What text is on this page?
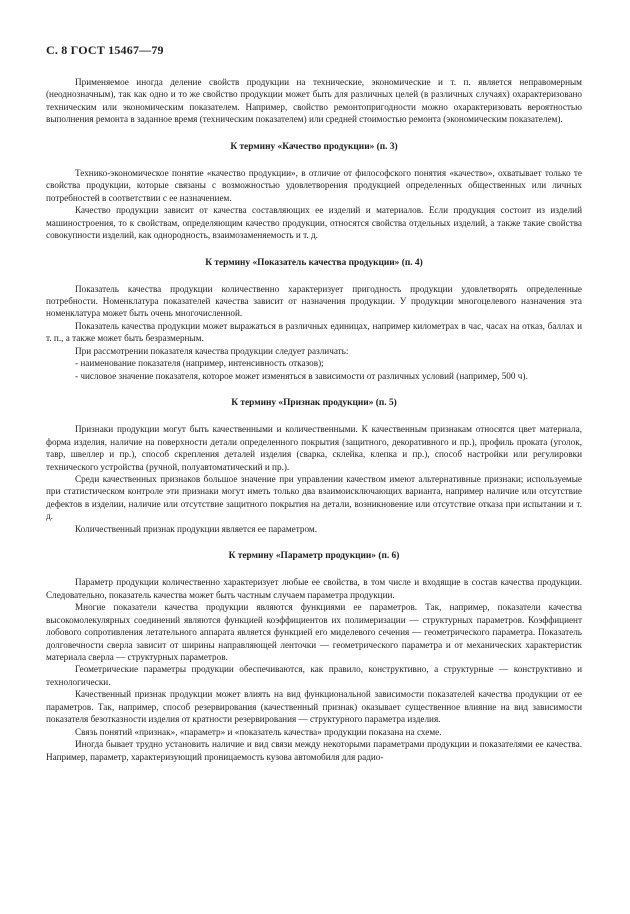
С. 8 ГОСТ 15467—79

Применяемое иногда деление свойств продукции на технические, экономические и т. п. является неправомерным (неоднозначным), так как одно и то же свойство продукции может быть для различных целей (в различных случаях) охарактеризовано техническим или экономическим показателем. Например, свойство ремонтопригодности можно охарактеризовать вероятностью выполнения ремонта в заданное время (техническим показателем) или средней стоимостью ремонта (экономическим показателем).

К термину «Качество продукции» (п. 3)

Технико-экономическое понятие «качество продукции», в отличие от философского понятия «качество», охватывает только те свойства продукции, которые связаны с возможностью удовлетворения продукцией определенных общественных или личных потребностей в соответствии с ее назначением.

Качество продукции зависит от качества составляющих ее изделий и материалов. Если продукция состоит из изделий машиностроения, то к свойствам, определяющим качество продукции, относятся свойства отдельных изделий, а также такие свойства совокупности изделий, как однородность, взаимозаменяемость и т. д.

К термину «Показатель качества продукции» (п. 4)

Показатель качества продукции количественно характеризует пригодность продукции удовлетворять определенные потребности. Номенклатура показателей качества зависит от назначения продукции. У продукции многоцелевого назначения эта номенклатура может быть очень многочисленной.

Показатель качества продукции может выражаться в различных единицах, например километрах в час, часах на отказ, баллах и т. п., а также может быть безразмерным.

При рассмотрении показателя качества продукции следует различать:

- наименование показателя (например, интенсивность отказов);

- числовое значение показателя, которое может изменяться в зависимости от различных условий (например, 500 ч).

К термину «Признак продукции» (п. 5)

Признаки продукции могут быть качественными и количественными. К качественным признакам относятся цвет материала, форма изделия, наличие на поверхности детали определенного покрытия (защитного, декоративного и пр.), профиль проката (уголок, тавр, швеллер и пр.), способ скрепления деталей изделия (сварка, склейка, клепка и пр.), способ настройки или регулировки технического устройства (ручной, полуавтоматический и пр.).

Среди качественных признаков большое значение при управлении качеством имеют альтернативные признаки; используемые при статистическом контроле эти признаки могут иметь только два взаимоисключающих варианта, например наличие или отсутствие дефектов в изделии, наличие или отсутствие защитного покрытия на детали, возникновение или отсутствие отказа при испытании и т. д.

Количественный признак продукции является ее параметром.

К термину «Параметр продукции» (п. 6)

Параметр продукции количественно характеризует любые ее свойства, в том числе и входящие в состав качества продукции. Следовательно, показатель качества может быть частным случаем параметра продукции.

Многие показатели качества продукции являются функциями ее параметров. Так, например, показатели качества высокомолекулярных соединений являются функцией коэффициентов их полимеризации — структурных параметров. Коэффициент лобового сопротивления летательного аппарата является функцией его миделевого сечения — геометрического параметра. Показатель долговечности сверла зависит от ширины направляющей ленточки — геометрического параметра и от механических характеристик материала сверла — структурных параметров.

Геометрические параметры продукции обеспечиваются, как правило, конструктивно, а структурные — конструктивно и технологически.

Качественный признак продукции может влиять на вид функциональной зависимости показателей качества продукции от ее параметров. Так, например, способ резервирования (качественный признак) оказывает существенное влияние на вид зависимости показателя безотказности изделия от кратности резервирования — структурного параметра изделия.

Связь понятий «признак», «параметр» и «показатель качества» продукции показана на схеме.

Иногда бывает трудно установить наличие и вид связи между некоторыми параметрами продукции и показателями ее качества. Например, параметр, характеризующий проницаемость кузова автомобиля для радио-
